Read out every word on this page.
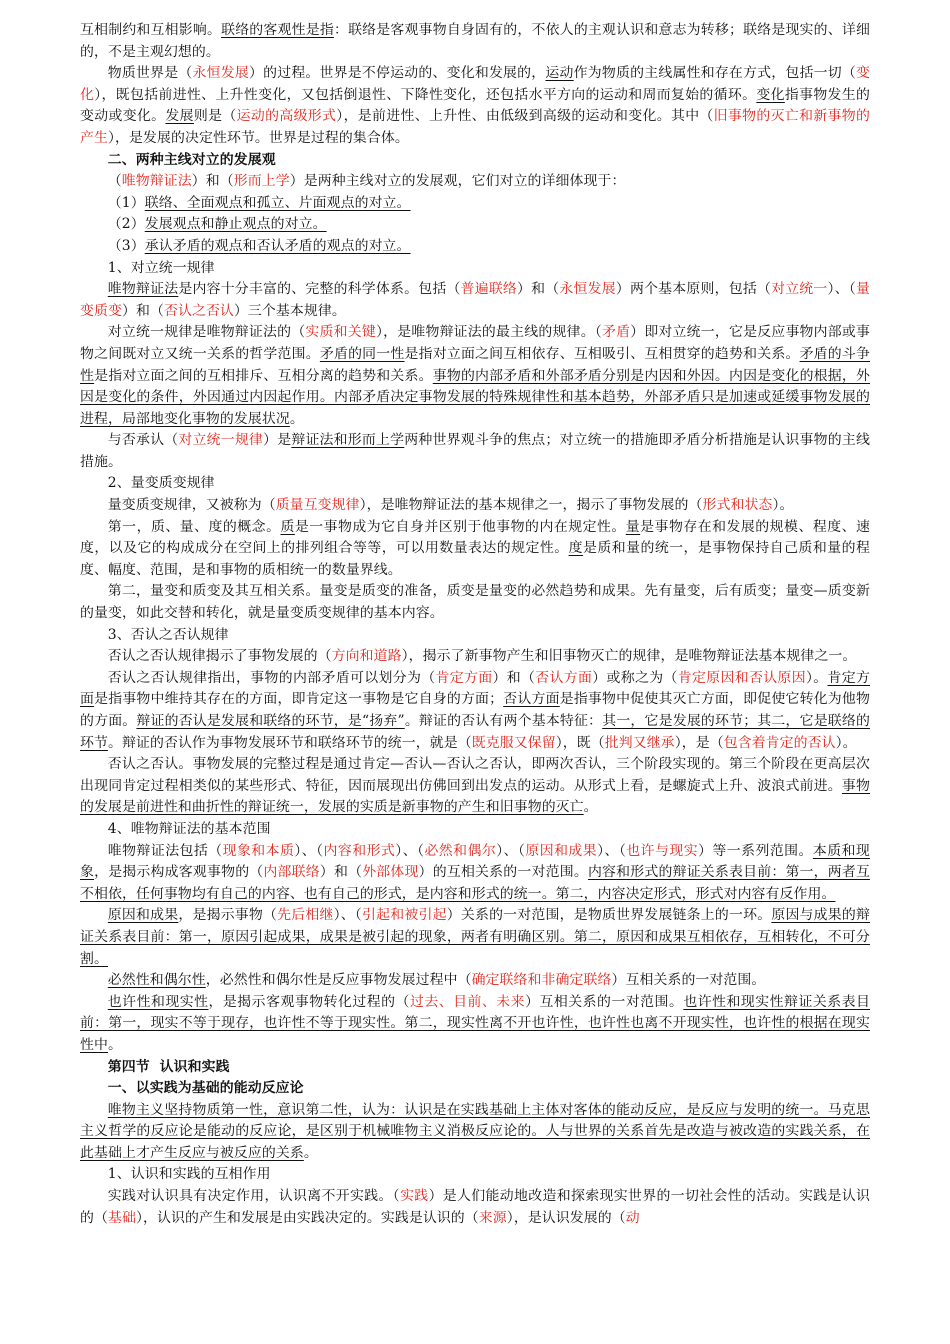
互相制约和互相影响。联络的客观性是指：联络是客观事物自身固有的，不依人的主观认识和意志为转移；联络是现实的、详细的，不是主观幻想的。

物质世界是（永恒发展）的过程。世界是不停运动的、变化和发展的，运动作为物质的主线属性和存在方式，包括一切（变化），既包括前进性、上升性变化，又包括倒退性、下降性变化，还包括水平方向的运动和周而复始的循环。变化指事物发生的变动或变化。发展则是（运动的高级形式），是前进性、上升性、由低级到高级的运动和变化。其中（旧事物的灭亡和新事物的产生），是发展的决定性环节。世界是过程的集合体。

二、两种主线对立的发展观

（唯物辩证法）和（形而上学）是两种主线对立的发展观，它们对立的详细体现于：

（1）联络、全面观点和孤立、片面观点的对立。

（2）发展观点和静止观点的对立。

（3）承认矛盾的观点和否认矛盾的观点的对立。

1、对立统一规律

唯物辩证法是内容十分丰富的、完整的科学体系。包括（普遍联络）和（永恒发展）两个基本原则，包括（对立统一）、（量变质变）和（否认之否认）三个基本规律。

对立统一规律是唯物辩证法的（实质和关键），是唯物辩证法的最主线的规律。（矛盾）即对立统一，它是反应事物内部或事物之间既对立又统一关系的哲学范围。矛盾的同一性是指对立面之间互相依存、互相吸引、互相贯穿的趋势和关系。矛盾的斗争性是指对立面之间的互相排斥、互相分离的趋势和关系。事物的内部矛盾和外部矛盾分别是内因和外因。内因是变化的根据，外因是变化的条件，外因通过内因起作用。内部矛盾决定事物发展的特殊规律性和基本趋势，外部矛盾只是加速或延缓事物发展的进程，局部地变化事物的发展状况。

与否承认（对立统一规律）是辩证法和形而上学两种世界观斗争的焦点；对立统一的措施即矛盾分析措施是认识事物的主线措施。

2、量变质变规律

量变质变规律，又被称为（质量互变规律），是唯物辩证法的基本规律之一，揭示了事物发展的（形式和状态）。

第一，质、量、度的概念。质是一事物成为它自身并区别于他事物的内在规定性。量是事物存在和发展的规模、程度、速度，以及它的构成成分在空间上的排列组合等等，可以用数量表达的规定性。度是质和量的统一，是事物保持自己质和量的程度、幅度、范围，是和事物的质相统一的数量界线。

第二，量变和质变及其互相关系。量变是质变的准备，质变是量变的必然趋势和成果。先有量变，后有质变；量变—质变新的量变，如此交替和转化，就是量变质变规律的基本内容。

3、否认之否认规律

否认之否认规律揭示了事物发展的（方向和道路），揭示了新事物产生和旧事物灭亡的规律，是唯物辩证法基本规律之一。

否认之否认规律指出，事物的内部矛盾可以划分为（肯定方面）和（否认方面）或称之为（肯定原因和否认原因）。肯定方面是指事物中维持其存在的方面，即肯定这一事物是它自身的方面；否认方面是指事物中促使其灭亡方面，即促使它转化为他物的方面。辩证的否认是发展和联络的环节，是“扬弃”。辩证的否认有两个基本特征：其一，它是发展的环节；其二，它是联络的环节。辩证的否认作为事物发展环节和联络环节的统一，就是（既克服又保留），既（批判又继承），是（包含着肯定的否认）。

否认之否认。事物发展的完整过程是通过肯定—否认—否认之否认，即两次否认，三个阶段实现的。第三个阶段在更高层次出现同肯定过程相类似的某些形式、特征，因而展现出仿佛回到出发点的运动。从形式上看，是螺旋式上升、波浪式前进。事物的发展是前进性和曲折性的辩证统一，发展的实质是新事物的产生和旧事物的灭亡。

4、唯物辩证法的基本范围

唯物辩证法包括（现象和本质）、（内容和形式）、（必然和偶尔）、（原因和成果）、（也许与现实）等一系列范围。本质和现象，是揭示构成客观事物的（内部联络）和（外部体现）的互相关系的一对范围。内容和形式的辩证关系表目前：第一，两者互不相依，任何事物均有自己的内容、也有自己的形式，是内容和形式的统一。第二，内容决定形式，形式对内容有反作用。

原因和成果，是揭示事物（先后相继）、（引起和被引起）关系的一对范围，是物质世界发展链条上的一环。原因与成果的辩证关系表目前：第一，原因引起成果，成果是被引起的现象，两者有明确区别。第二，原因和成果互相依存，互相转化，不可分割。

必然性和偶尔性，必然性和偶尔性是反应事物发展过程中（确定联络和非确定联络）互相关系的一对范围。

也许性和现实性，是揭示客观事物转化过程的（过去、目前、未来）互相关系的一对范围。也许性和现实性辩证关系表目前：第一，现实不等于现存，也许性不等于现实性。第二，现实性离不开也许性，也许性也离不开现实性，也许性的根据在现实性中。

第四节  认识和实践

一、以实践为基础的能动反应论

唯物主义坚持物质第一性，意识第二性，认为：认识是在实践基础上主体对客体的能动反应，是反应与发明的统一。马克思主义哲学的反应论是能动的反应论，是区别于机械唯物主义消极反应论的。人与世界的关系首先是改造与被改造的实践关系，在此基础上才产生反应与被反应的关系。

1、认识和实践的互相作用

实践对认识具有决定作用，认识离不开实践。（实践）是人们能动地改造和探索现实世界的一切社会性的活动。实践是认识的（基础），认识的产生和发展是由实践决定的。实践是认识的（来源），是认识发展的（动
